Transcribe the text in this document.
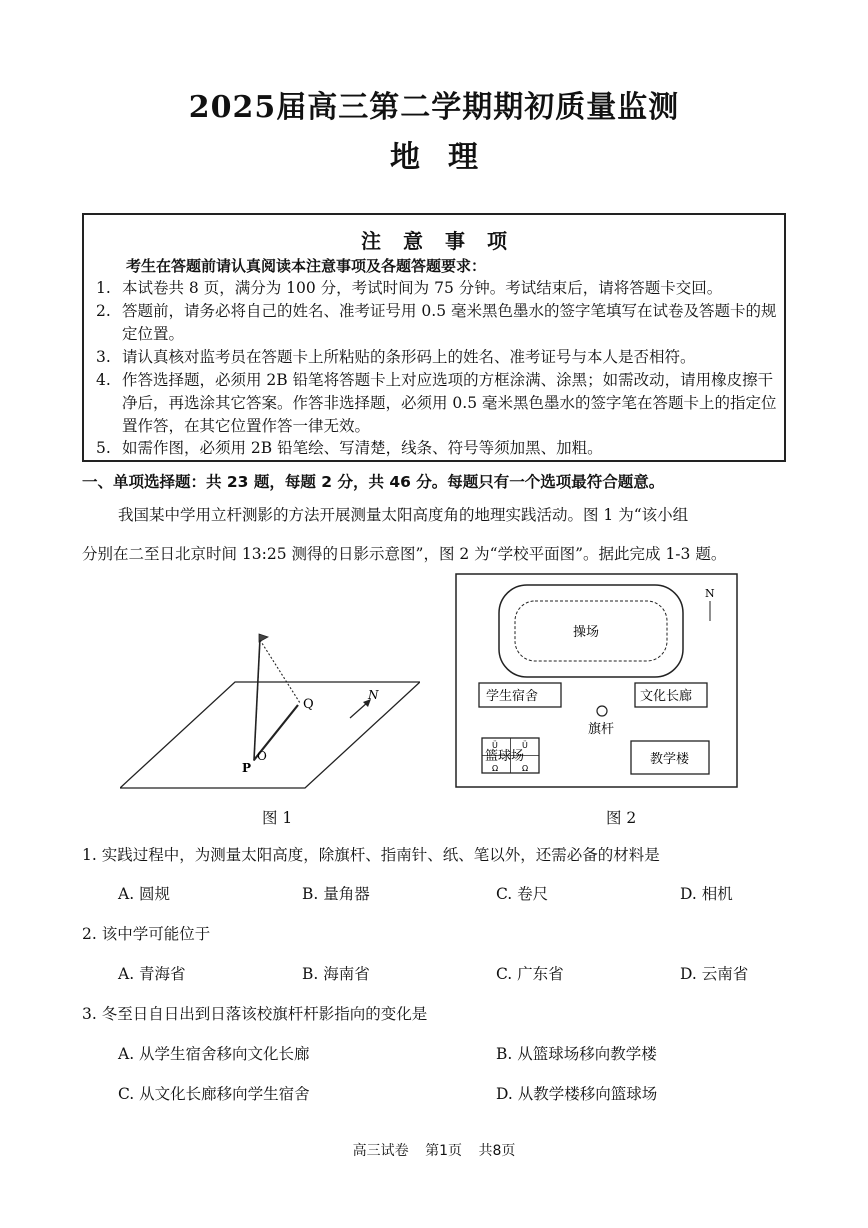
2025届高三第二学期期初质量监测
地理
注意事项
考生在答题前请认真阅读本注意事项及各题答题要求：
1. 本试卷共 8 页，满分为 100 分，考试时间为 75 分钟。考试结束后，请将答题卡交回。
2. 答题前，请务必将自己的姓名、准考证号用 0.5 毫米黑色墨水的签字笔填写在试卷及答题卡的规定位置。
3. 请认真核对监考员在答题卡上所粘贴的条形码上的姓名、准考证号与本人是否相符。
4. 作答选择题，必须用 2B 铅笔将答题卡上对应选项的方框涂满、涂黑；如需改动，请用橡皮擦干净后，再选涂其它答案。作答非选择题，必须用 0.5 毫米黑色墨水的签字笔在答题卡上的指定位置作答，在其它位置作答一律无效。
5. 如需作图，必须用 2B 铅笔绘、写清楚，线条、符号等须加黑、加粗。
一、单项选择题：共 23 题，每题 2 分，共 46 分。每题只有一个选项最符合题意。
我国某中学用立杆测影的方法开展测量太阳高度角的地理实践活动。图 1 为“该小组
分别在二至日北京时间 13:25 测得的日影示意图”，图 2 为“学校平面图”。据此完成 1-3 题。
Q
O
P
N
图 1
操场
N
学生宿舍	文化长廊
旗杆
篮球场
Ü	Ü
Ω	Ω
教学楼
图 2
1. 实践过程中，为测量太阳高度，除旗杆、指南针、纸、笔以外，还需必备的材料是
A. 圆规	B. 量角器	C. 卷尺	D. 相机
2. 该中学可能位于
A. 青海省	B. 海南省	C. 广东省	D. 云南省
3. 冬至日自日出到日落该校旗杆杆影指向的变化是
A. 从学生宿舍移向文化长廊	B. 从篮球场移向教学楼
C. 从文化长廊移向学生宿舍	D. 从教学楼移向篮球场
高三试卷 第1页 共8页
